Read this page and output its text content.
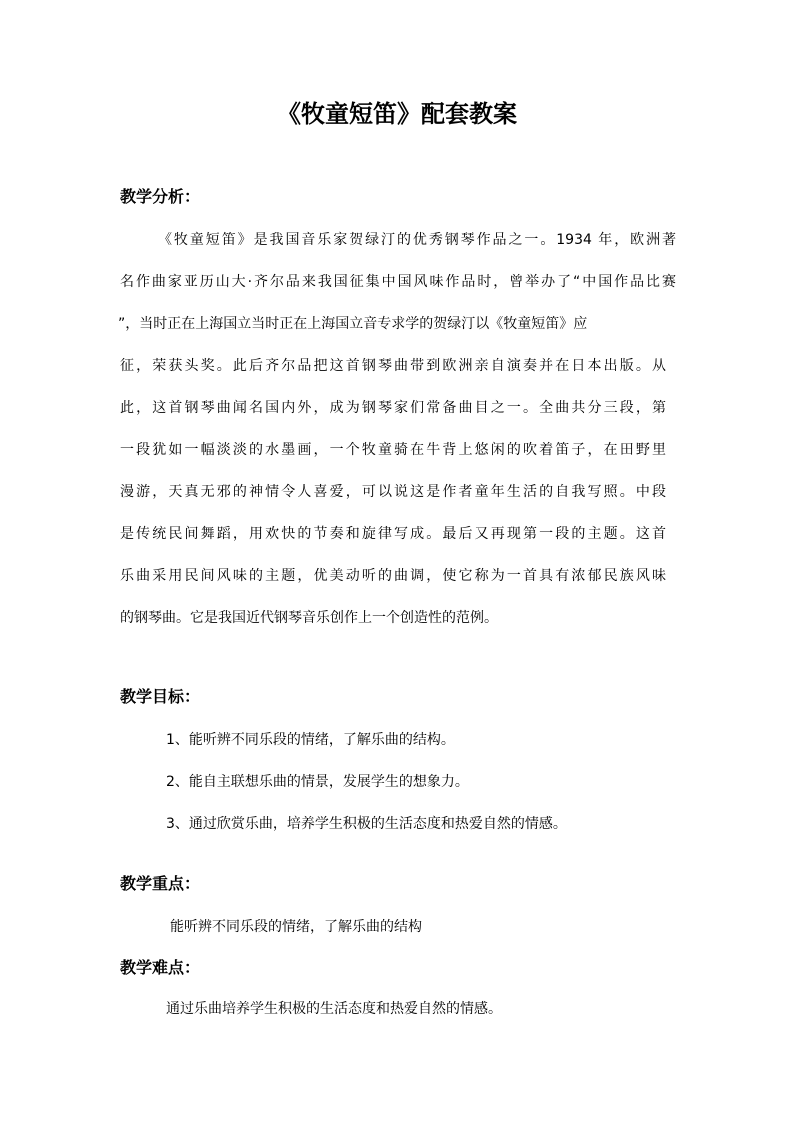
《牧童短笛》配套教案
教学分析：
《牧童短笛》是我国音乐家贺绿汀的优秀钢琴作品之一。1934 年，欧洲著
名作曲家亚历山大·齐尔品来我国征集中国风味作品时，曾举办了“中国作品比赛
”，当时正在上海国立当时正在上海国立音专求学的贺绿汀以《牧童短笛》应
征，荣获头奖。此后齐尔品把这首钢琴曲带到欧洲亲自演奏并在日本出版。从
此，这首钢琴曲闻名国内外，成为钢琴家们常备曲目之一。全曲共分三段，第
一段犹如一幅淡淡的水墨画，一个牧童骑在牛背上悠闲的吹着笛子，在田野里
漫游，天真无邪的神情令人喜爱，可以说这是作者童年生活的自我写照。中段
是传统民间舞蹈，用欢快的节奏和旋律写成。最后又再现第一段的主题。这首
乐曲采用民间风味的主题，优美动听的曲调，使它称为一首具有浓郁民族风味
的钢琴曲。它是我国近代钢琴音乐创作上一个创造性的范例。
教学目标：
1、能听辨不同乐段的情绪，了解乐曲的结构。
2、能自主联想乐曲的情景，发展学生的想象力。
3、通过欣赏乐曲，培养学生积极的生活态度和热爱自然的情感。
教学重点：
能听辨不同乐段的情绪，了解乐曲的结构
教学难点：
通过乐曲培养学生积极的生活态度和热爱自然的情感。
